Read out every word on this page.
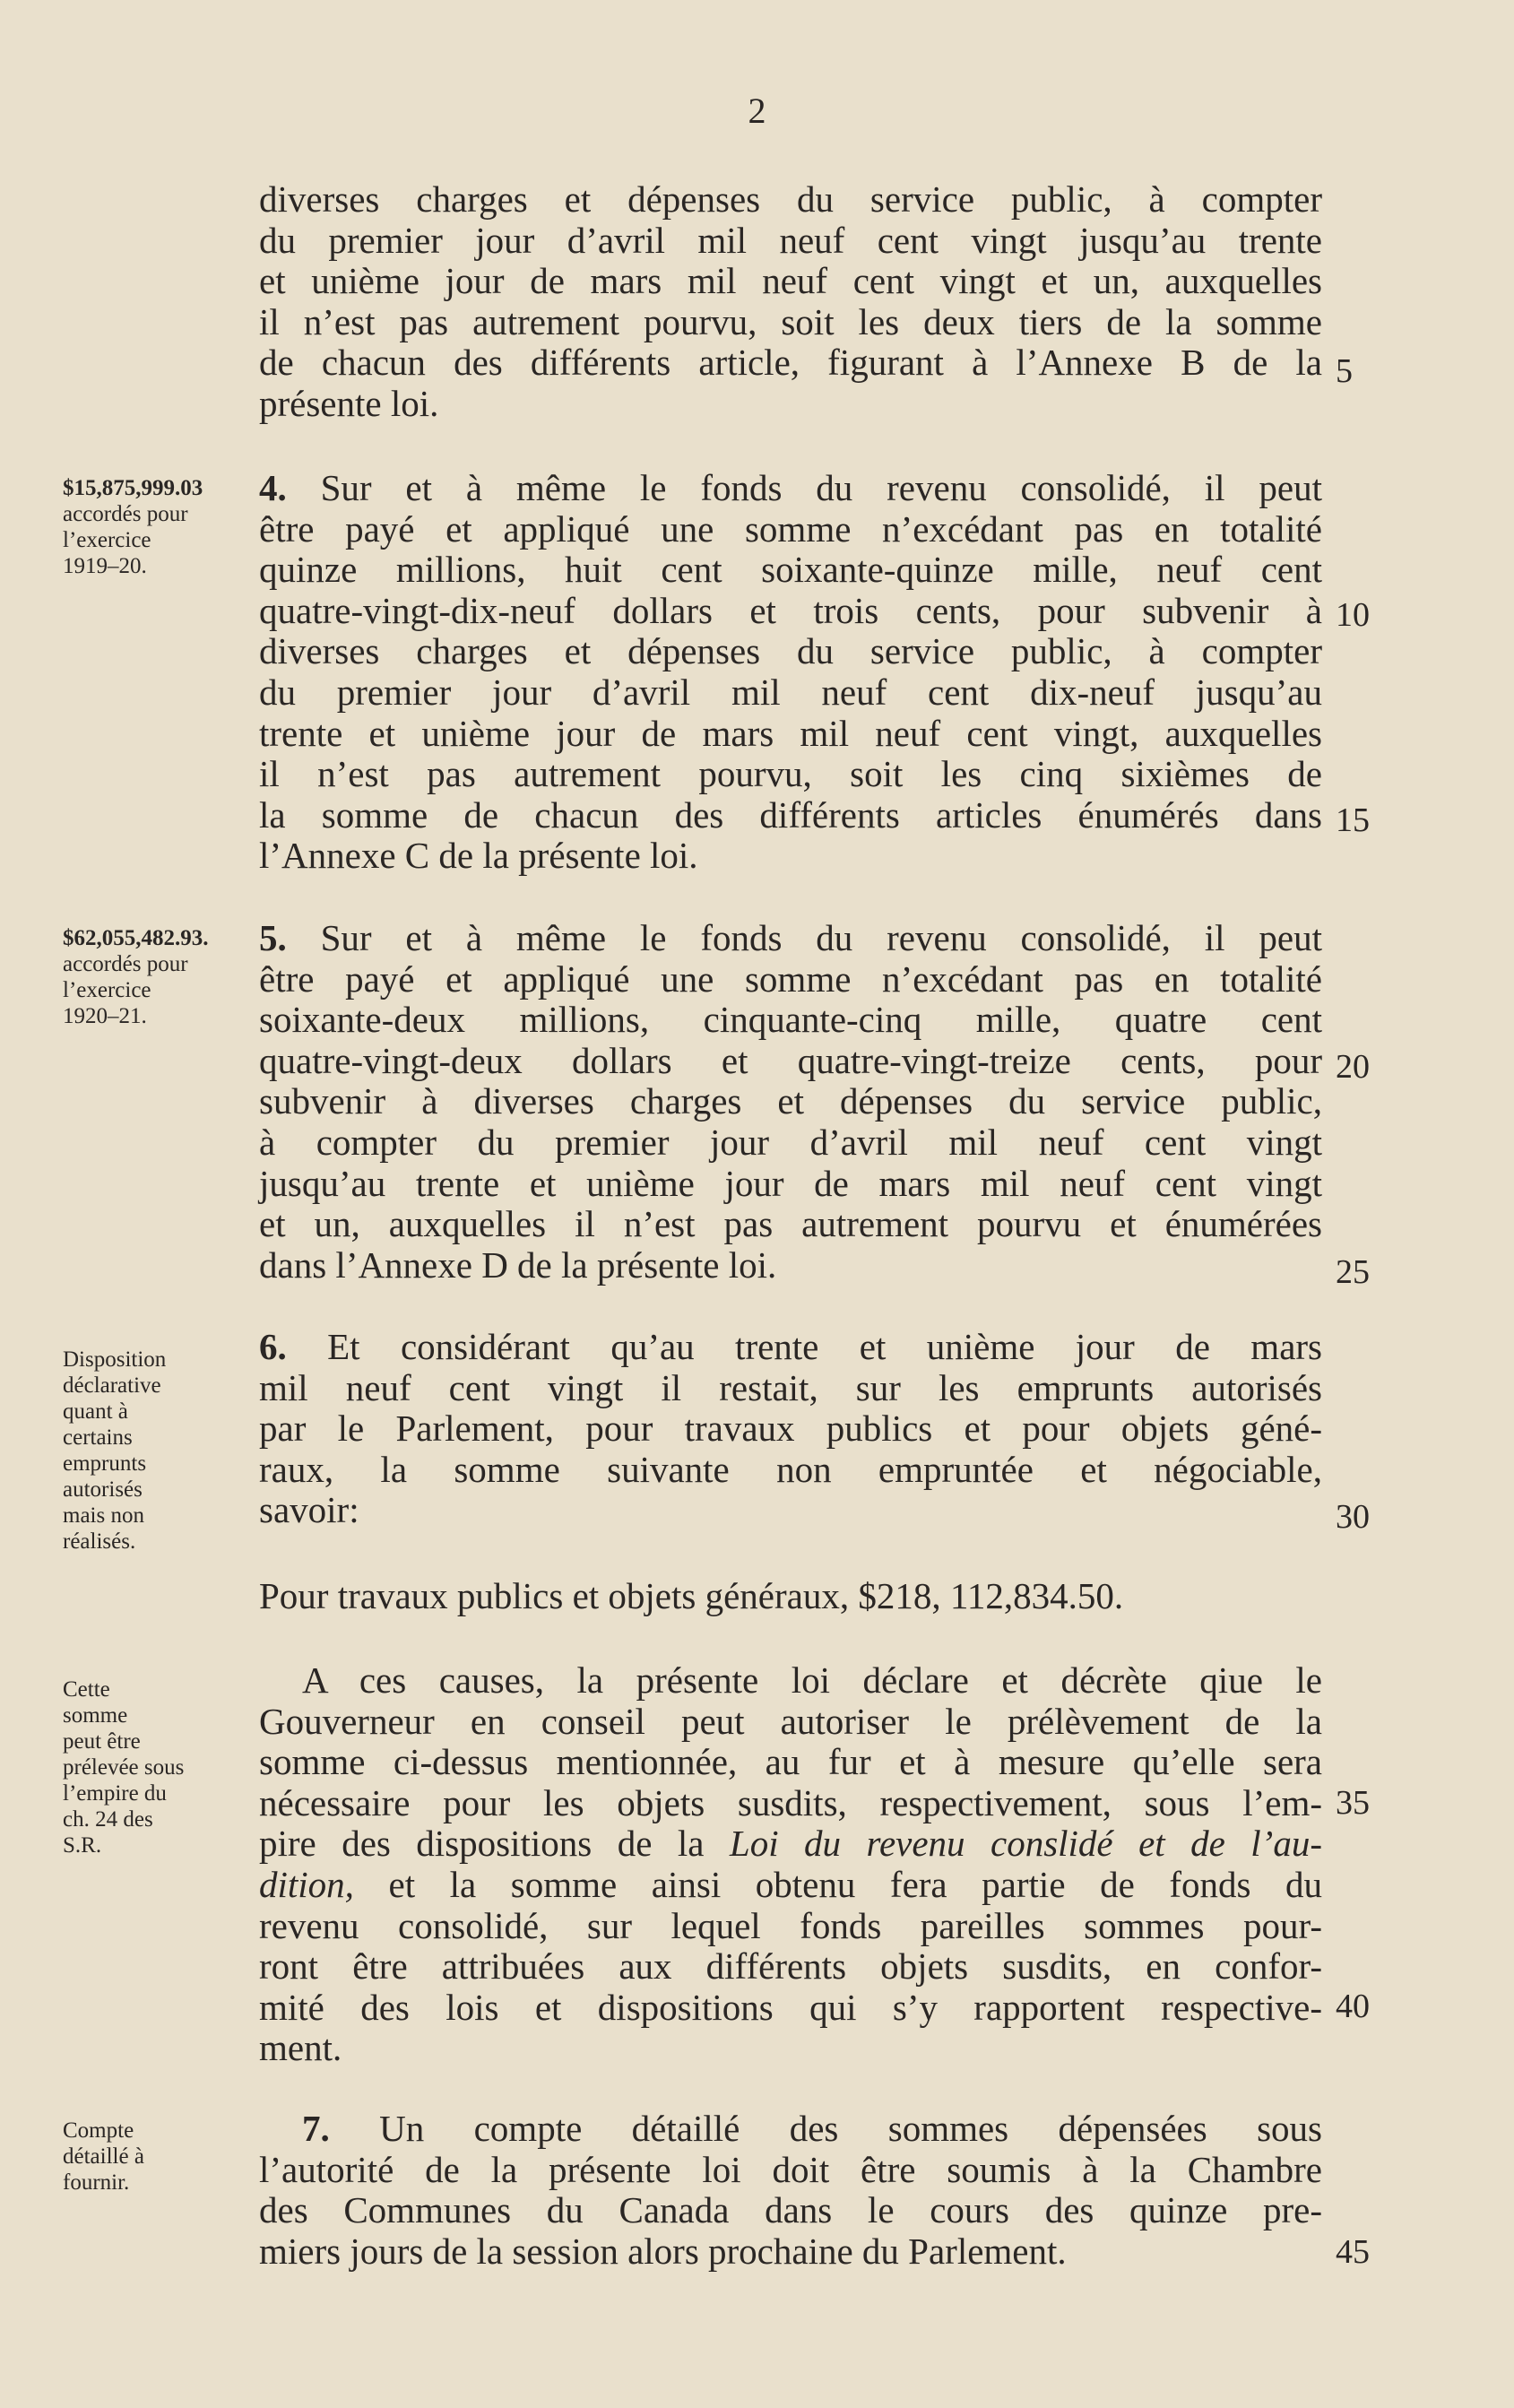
2
diverses charges et dépenses du service public, à compter
du premier jour d’avril mil neuf cent vingt jusqu’au trente
et unième jour de mars mil neuf cent vingt et un, auxquelles
il n’est pas autrement pourvu, soit les deux tiers de la somme
de chacun des différents article, figurant à l’Annexe B de la
présente loi.
4. Sur et à même le fonds du revenu consolidé, il peut
être payé et appliqué une somme n’excédant pas en totalité
quinze millions, huit cent soixante-quinze mille, neuf cent
quatre-vingt-dix-neuf dollars et trois cents, pour subvenir à
diverses charges et dépenses du service public, à compter
du premier jour d’avril mil neuf cent dix-neuf jusqu’au
trente et unième jour de mars mil neuf cent vingt, auxquelles
il n’est pas autrement pourvu, soit les cinq sixièmes de
la somme de chacun des différents articles énumérés dans
l’Annexe C de la présente loi.
5. Sur et à même le fonds du revenu consolidé, il peut
être payé et appliqué une somme n’excédant pas en totalité
soixante-deux millions, cinquante-cinq mille, quatre cent
quatre-vingt-deux dollars et quatre-vingt-treize cents, pour
subvenir à diverses charges et dépenses du service public,
à compter du premier jour d’avril mil neuf cent vingt
jusqu’au trente et unième jour de mars mil neuf cent vingt
et un, auxquelles il n’est pas autrement pourvu et énumérées
dans l’Annexe D de la présente loi.
6. Et considérant qu’au trente et unième jour de mars
mil neuf cent vingt il restait, sur les emprunts autorisés
par le Parlement, pour travaux publics et pour objets géné-
raux, la somme suivante non empruntée et négociable,
savoir:
Pour travaux publics et objets généraux, $218, 112,834.50.
A ces causes, la présente loi déclare et décrète qiue le
Gouverneur en conseil peut autoriser le prélèvement de la
somme ci-dessus mentionnée, au fur et à mesure qu’elle sera
nécessaire pour les objets susdits, respectivement, sous l’em-
pire des dispositions de la Loi du revenu conslidé et de l’au-
dition, et la somme ainsi obtenu fera partie de fonds du
revenu consolidé, sur lequel fonds pareilles sommes pour-
ront être attribuées aux différents objets susdits, en confor-
mité des lois et dispositions qui s’y rapportent respective-
ment.
7. Un compte détaillé des sommes dépensées sous
l’autorité de la présente loi doit être soumis à la Chambre
des Communes du Canada dans le cours des quinze pre-
miers jours de la session alors prochaine du Parlement.
$15,875,999.03
accordés pour
l’exercice
1919–20.
$62,055,482.93.
accordés pour
l’exercice
1920–21.
Disposition
déclarative
quant à
certains
emprunts
autorisés
mais non
réalisés.
Cette
somme
peut être
prélevée sous
l’empire du
ch. 24 des
S.R.
Compte
détaillé à
fournir.
5
10
15
20
25
30
35
40
45
